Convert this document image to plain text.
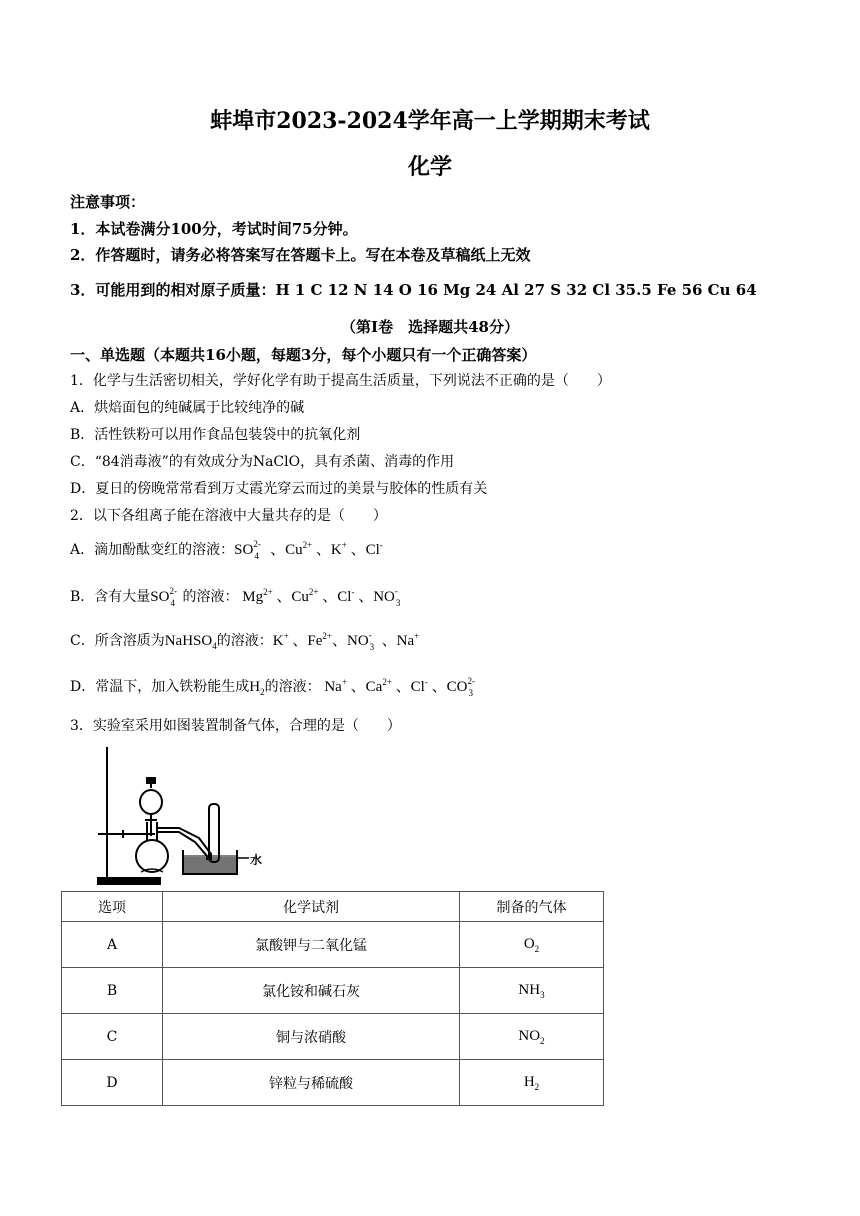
蚌埠市2023-2024学年高一上学期期末考试
化学
注意事项：
1．本试卷满分100分，考试时间75分钟。
2．作答题时，请务必将答案写在答题卡上。写在本卷及草稿纸上无效
3．可能用到的相对原子质量：H 1 C 12 N 14 O 16 Mg 24 Al 27 S 32 Cl 35.5 Fe 56 Cu 64
（第I卷　选择题共48分）
一、单选题（本题共16小题，每题3分，每个小题只有一个正确答案）
1．化学与生活密切相关，学好化学有助于提高生活质量，下列说法不正确的是（　　）
A．烘焙面包的纯碱属于比较纯净的碱
B．活性铁粉可以用作食品包装袋中的抗氧化剂
C．“84消毒液”的有效成分为NaClO，具有杀菌、消毒的作用
D．夏日的傍晚常常看到万丈霞光穿云而过的美景与胶体的性质有关
2．以下各组离子能在溶液中大量共存的是（　　）
A．滴加酚酞变红的溶液：SO 2-
4 、$Cu^{2+}$ 、K+ 、Cl-
B．含有大量SO 2-
4 的溶液： $Mg^{2+}$ 、$Cu^{2+}$ 、Cl- 、NO -
3
C．所含溶质为NaHSO$_4$的溶液：K+ 、$Fe^{2+}$、NO -
3 、Na+
D．常温下，加入铁粉能生成$H_2$的溶液： Na+ 、$Ca^{2+}$ 、Cl- 、CO 2-
3
3．实验室采用如图装置制备气体，合理的是（　　）
水
选项	化学试剂	制备的气体
A	氯酸钾与二氧化锰	$O_2$
B	氯化铵和碱石灰	$NH_3$
C	铜与浓硝酸	$NO_2$
D	锌粒与稀硫酸	$H_2$
